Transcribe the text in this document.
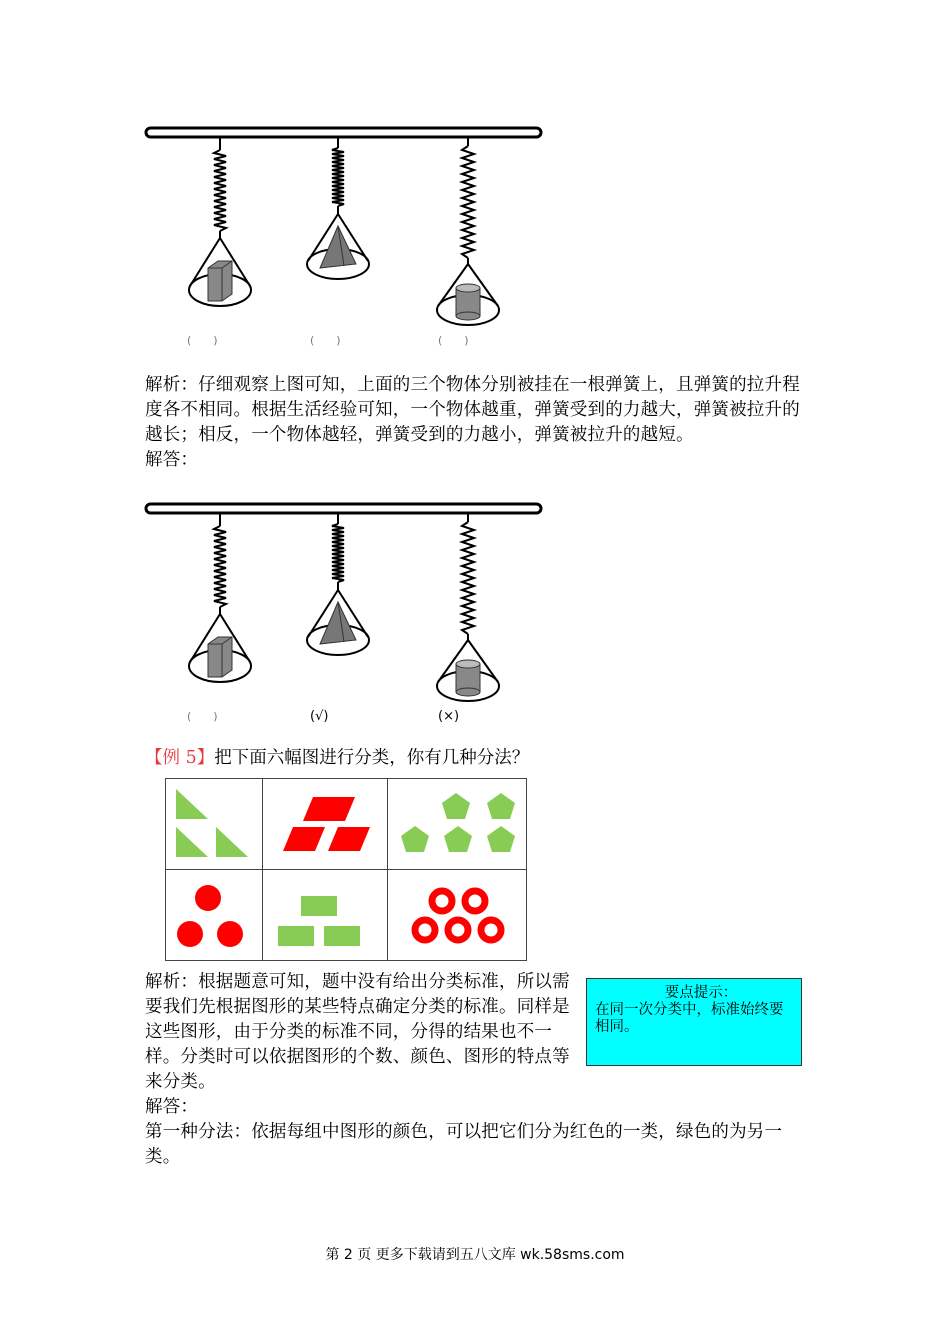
(　　)	(　　)	(　　)

解析：仔细观察上图可知，上面的三个物体分别被挂在一根弹簧上，且弹簧的拉升程度各不相同。根据生活经验可知，一个物体越重，弹簧受到的力越大，弹簧被拉升的越长；相反，一个物体越轻，弹簧受到的力越小，弹簧被拉升的越短。

解答：

(　　)	(√)	(×)
【例 5】把下面六幅图进行分类，你有几种分法？

解析：根据题意可知，题中没有给出分类标准，所以需要我们先根据图形的某些特点确定分类的标准。同样是这些图形，由于分类的标准不同，分得的结果也不一样。分类时可以依据图形的个数、颜色、图形的特点等来分类。

解答：

第一种分法：依据每组中图形的颜色，可以把它们分为红色的一类，绿色的为另一类。

要点提示：
在同一次分类中，标准始终要相同。
第 2 页 更多下载请到五八文库 wk.58sms.com
